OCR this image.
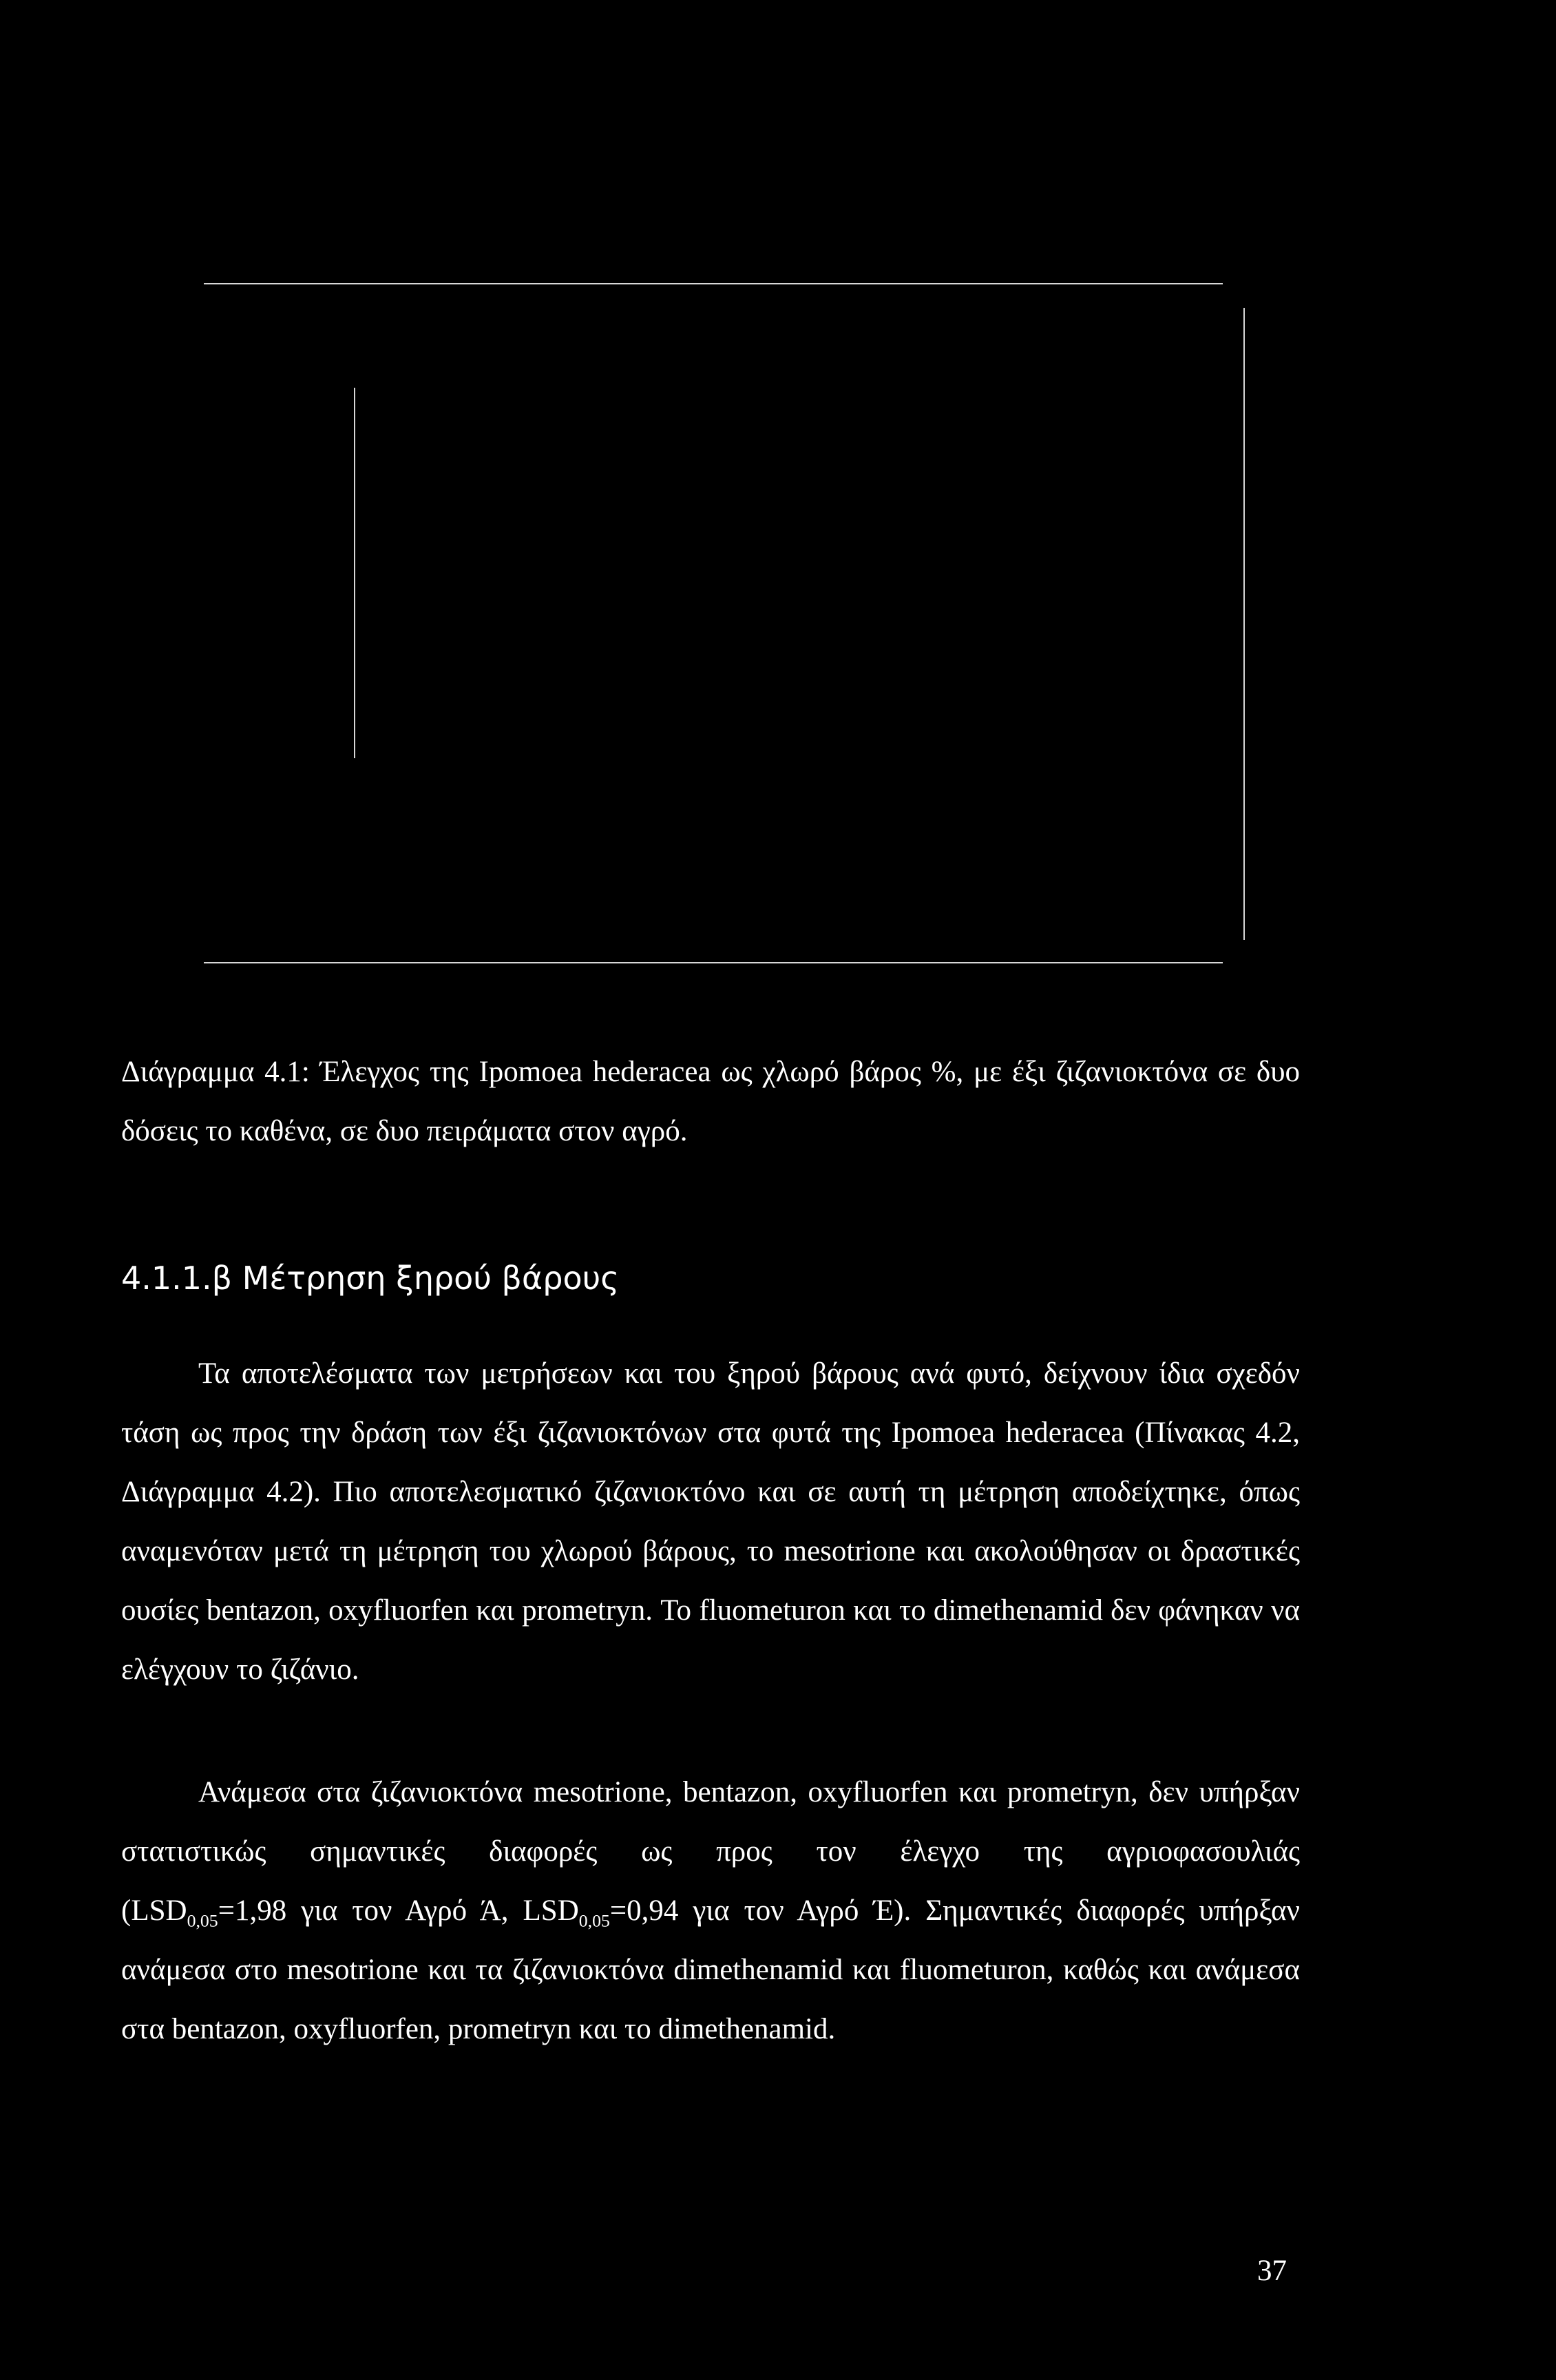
Διάγραμμα 4.1: Έλεγχος της Ipomoea hederacea ως χλωρό βάρος %, με έξι ζιζανιοκτόνα σε δυο δόσεις το καθένα, σε δυο πειράματα στον αγρό.

4.1.1.β Μέτρηση ξηρού βάρους

Τα αποτελέσματα των μετρήσεων και του ξηρού βάρους ανά φυτό, δείχνουν ίδια σχεδόν τάση ως προς την δράση των έξι ζιζανιοκτόνων στα φυτά της Ipomoea hederacea (Πίνακας 4.2, Διάγραμμα 4.2). Πιο αποτελεσματικό ζιζανιοκτόνο και σε αυτή τη μέτρηση αποδείχτηκε, όπως αναμενόταν μετά τη μέτρηση του χλωρού βάρους, το mesotrione και ακολούθησαν οι δραστικές ουσίες bentazon, oxyfluorfen και prometryn. Το fluometuron και το dimethenamid δεν φάνηκαν να ελέγχουν το ζιζάνιο.

Ανάμεσα στα ζιζανιοκτόνα mesotrione, bentazon, oxyfluorfen και prometryn, δεν υπήρξαν στατιστικώς σημαντικές διαφορές ως προς τον έλεγχο της αγριοφασουλιάς ($LSD_{0,05}=1,98$ για τον Αγρό Ά, $LSD_{0,05}=0,94$ για τον Αγρό Έ). Σημαντικές διαφορές υπήρξαν ανάμεσα στο mesotrione και τα ζιζανιοκτόνα dimethenamid και fluometuron, καθώς και ανάμεσα στα bentazon, oxyfluorfen, prometryn και το dimethenamid.

37
